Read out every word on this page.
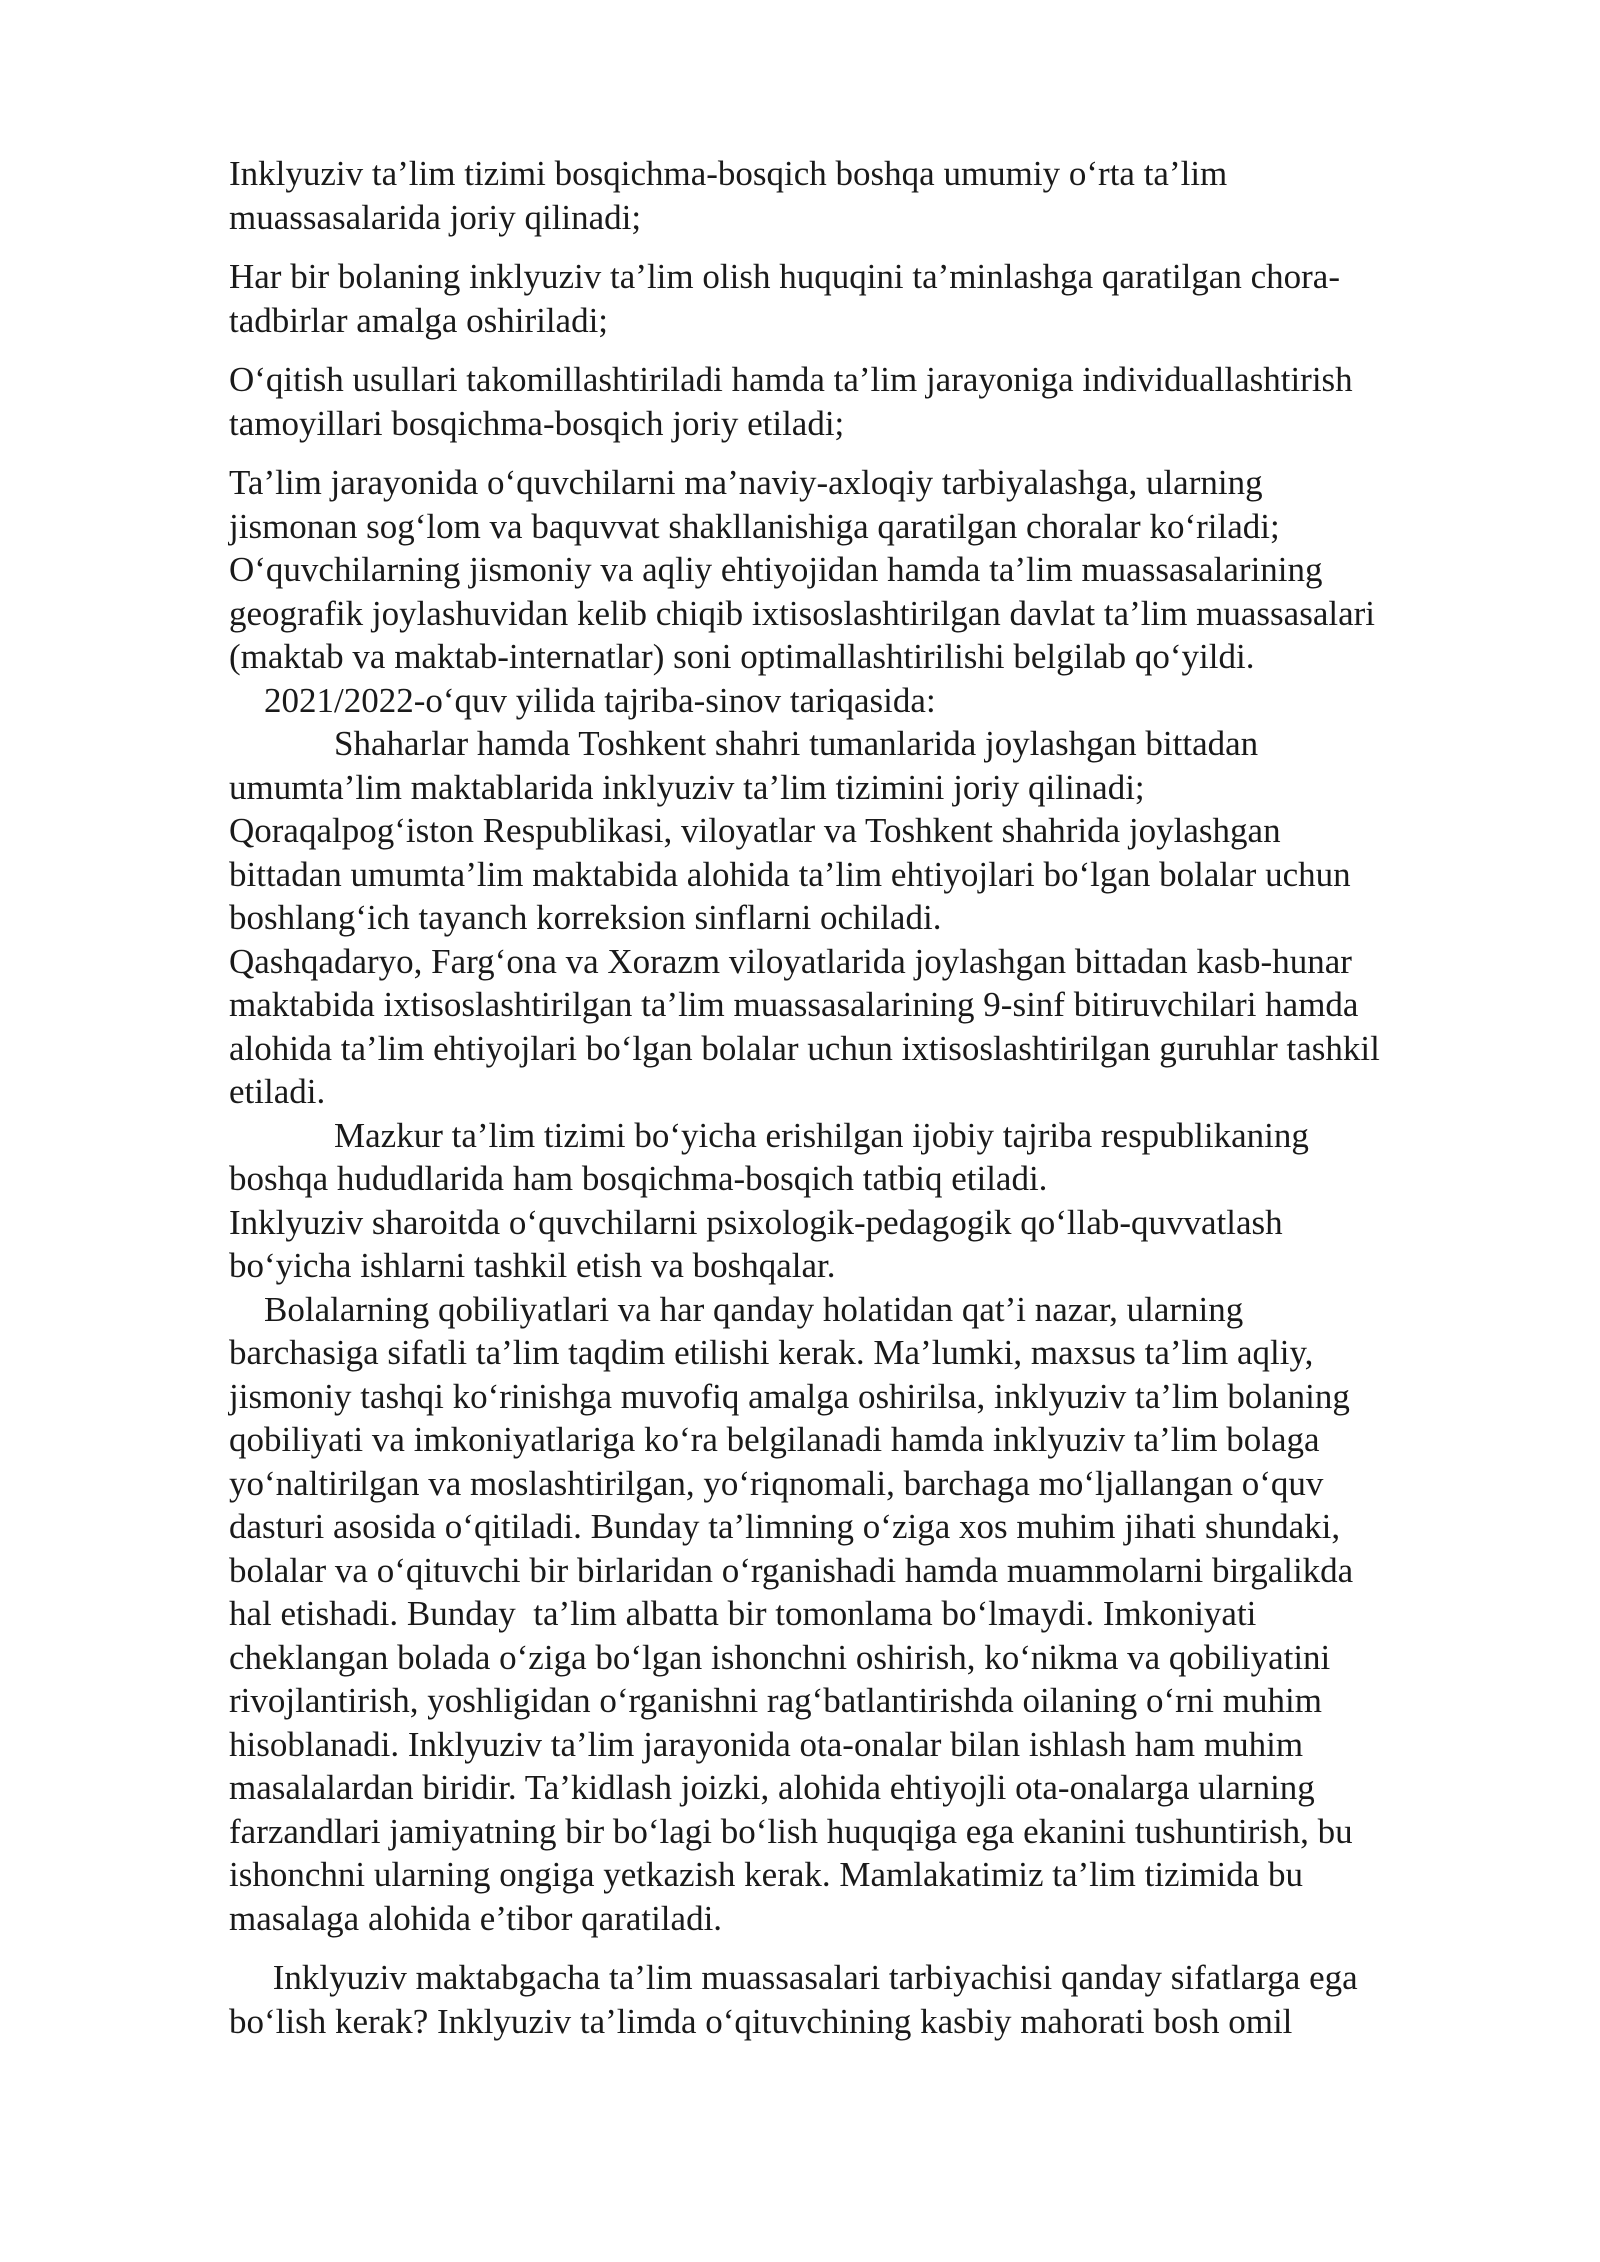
Inklyuziv ta’lim tizimi bosqichma-bosqich boshqa umumiy o‘rta ta’lim
muassasalarida joriy qilinadi;
Har bir bolaning inklyuziv ta’lim olish huquqini ta’minlashga qaratilgan chora-
tadbirlar amalga oshiriladi;
O‘qitish usullari takomillashtiriladi hamda ta’lim jarayoniga individuallashtirish
tamoyillari bosqichma-bosqich joriy etiladi;
Ta’lim jarayonida o‘quvchilarni ma’naviy-axloqiy tarbiyalashga, ularning
jismonan sog‘lom va baquvvat shakllanishiga qaratilgan choralar ko‘riladi;
O‘quvchilarning jismoniy va aqliy ehtiyojidan hamda ta’lim muassasalarining
geografik joylashuvidan kelib chiqib ixtisoslashtirilgan davlat ta’lim muassasalari
(maktab va maktab-internatlar) soni optimallashtirilishi belgilab qo‘yildi.
2021/2022-o‘quv yilida tajriba-sinov tariqasida:
Shaharlar hamda Toshkent shahri tumanlarida joylashgan bittadan
umumta’lim maktablarida inklyuziv ta’lim tizimini joriy qilinadi;
Qoraqalpog‘iston Respublikasi, viloyatlar va Toshkent shahrida joylashgan
bittadan umumta’lim maktabida alohida ta’lim ehtiyojlari bo‘lgan bolalar uchun
boshlang‘ich tayanch korreksion sinflarni ochiladi.
Qashqadaryo, Farg‘ona va Xorazm viloyatlarida joylashgan bittadan kasb-hunar
maktabida ixtisoslashtirilgan ta’lim muassasalarining 9-sinf bitiruvchilari hamda
alohida ta’lim ehtiyojlari bo‘lgan bolalar uchun ixtisoslashtirilgan guruhlar tashkil
etiladi.
Mazkur ta’lim tizimi bo‘yicha erishilgan ijobiy tajriba respublikaning
boshqa hududlarida ham bosqichma-bosqich tatbiq etiladi.
Inklyuziv sharoitda o‘quvchilarni psixologik-pedagogik qo‘llab-quvvatlash
bo‘yicha ishlarni tashkil etish va boshqalar.
Bolalarning qobiliyatlari va har qanday holatidan qat’i nazar, ularning
barchasiga sifatli ta’lim taqdim etilishi kerak. Ma’lumki, maxsus ta’lim aqliy,
jismoniy tashqi ko‘rinishga muvofiq amalga oshirilsa, inklyuziv ta’lim bolaning
qobiliyati va imkoniyatlariga ko‘ra belgilanadi hamda inklyuziv ta’lim bolaga
yo‘naltirilgan va moslashtirilgan, yo‘riqnomali, barchaga mo‘ljallangan o‘quv
dasturi asosida o‘qitiladi. Bunday ta’limning o‘ziga xos muhim jihati shundaki,
bolalar va o‘qituvchi bir birlaridan o‘rganishadi hamda muammolarni birgalikda
hal etishadi. Bunday  ta’lim albatta bir tomonlama bo‘lmaydi. Imkoniyati
cheklangan bolada o‘ziga bo‘lgan ishonchni oshirish, ko‘nikma va qobiliyatini
rivojlantirish, yoshligidan o‘rganishni rag‘batlantirishda oilaning o‘rni muhim
hisoblanadi. Inklyuziv ta’lim jarayonida ota-onalar bilan ishlash ham muhim
masalalardan biridir. Ta’kidlash joizki, alohida ehtiyojli ota-onalarga ularning
farzandlari jamiyatning bir bo‘lagi bo‘lish huquqiga ega ekanini tushuntirish, bu
ishonchni ularning ongiga yetkazish kerak. Mamlakatimiz ta’lim tizimida bu
masalaga alohida e’tibor qaratiladi.
Inklyuziv maktabgacha ta’lim muassasalari tarbiyachisi qanday sifatlarga ega
bo‘lish kerak? Inklyuziv ta’limda o‘qituvchining kasbiy mahorati bosh omil
